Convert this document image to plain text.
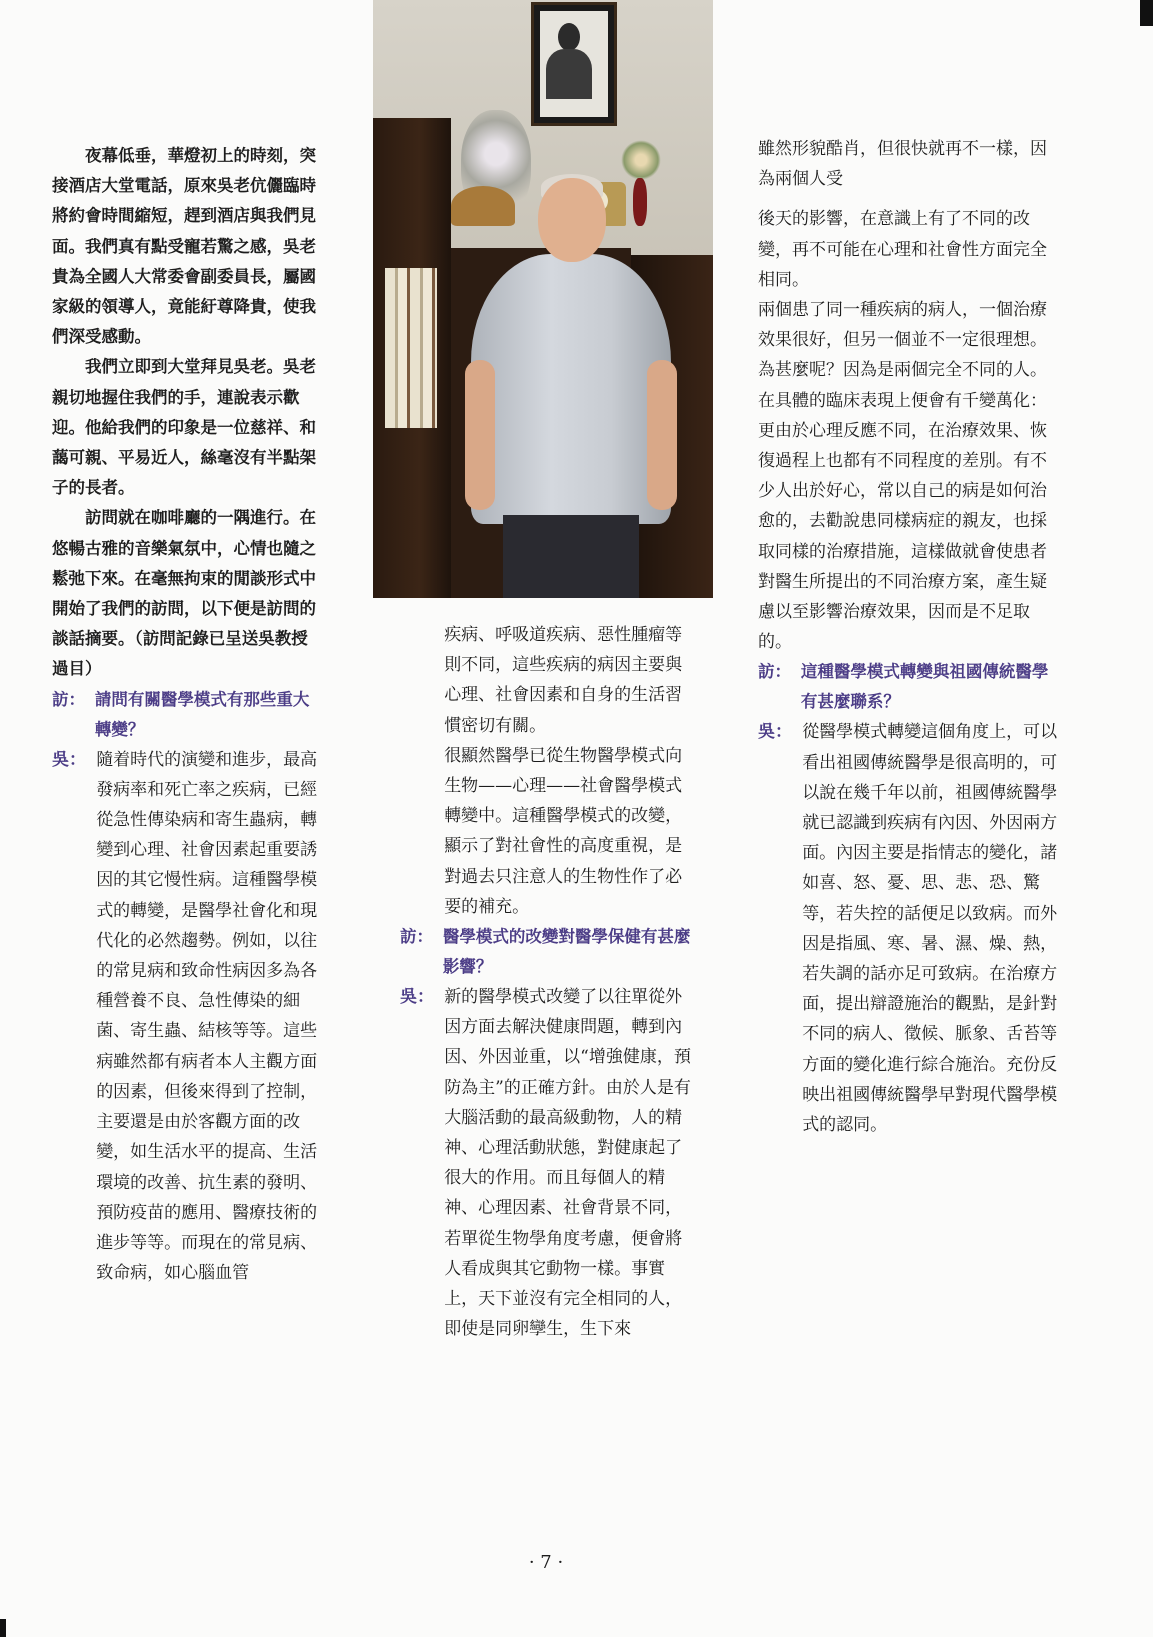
夜幕低垂，華燈初上的時刻，突接酒店大堂電話，原來吳老伉儷臨時將約會時間縮短，趕到酒店與我們見面。我們真有點受寵若驚之感，吳老貴為全國人大常委會副委員長，屬國家級的領導人，竟能紆尊降貴，使我們深受感動。

我們立即到大堂拜見吳老。吳老親切地握住我們的手，連說表示歡迎。他給我們的印象是一位慈祥、和藹可親、平易近人，絲毫沒有半點架子的長者。

訪問就在咖啡廳的一隅進行。在悠暢古雅的音樂氣氛中，心情也隨之鬆弛下來。在毫無拘束的閒談形式中開始了我們的訪問，以下便是訪問的談話摘要。（訪問記錄已呈送吳教授過目）

訪： 請問有關醫學模式有那些重大轉變？

吳： 隨着時代的演變和進步，最高發病率和死亡率之疾病，已經從急性傳染病和寄生蟲病，轉變到心理、社會因素起重要誘因的其它慢性病。這種醫學模式的轉變，是醫學社會化和現代化的必然趨勢。例如，以往的常見病和致命性病因多為各種營養不良、急性傳染的細菌、寄生蟲、結核等等。這些病雖然都有病者本人主觀方面的因素，但後來得到了控制，主要還是由於客觀方面的改變，如生活水平的提高、生活環境的改善、抗生素的發明、預防疫苗的應用、醫療技術的進步等等。而現在的常見病、致命病，如心腦血管

疾病、呼吸道疾病、惡性腫瘤等則不同，這些疾病的病因主要與心理、社會因素和自身的生活習慣密切有關。

很顯然醫學已從生物醫學模式向生物——心理——社會醫學模式轉變中。這種醫學模式的改變，顯示了對社會性的高度重視，是對過去只注意人的生物性作了必要的補充。

訪： 醫學模式的改變對醫學保健有甚麼影響？

吳： 新的醫學模式改變了以往單從外因方面去解決健康問題，轉到內因、外因並重，以“增強健康，預防為主”的正確方針。由於人是有大腦活動的最高級動物，人的精神、心理活動狀態，對健康起了很大的作用。而且每個人的精神、心理因素、社會背景不同，若單從生物學角度考慮，便會將人看成與其它動物一樣。事實上，天下並沒有完全相同的人，即使是同卵孿生，生下來

雖然形貌酷肖，但很快就再不一樣，因為兩個人受

後天的影響，在意識上有了不同的改變，再不可能在心理和社會性方面完全相同。

兩個患了同一種疾病的病人，一個治療效果很好，但另一個並不一定很理想。為甚麼呢？因為是兩個完全不同的人。在具體的臨床表現上便會有千變萬化：更由於心理反應不同，在治療效果、恢復過程上也都有不同程度的差別。有不少人出於好心，常以自己的病是如何治愈的，去勸說患同樣病症的親友，也採取同樣的治療措施，這樣做就會使患者對醫生所提出的不同治療方案，產生疑慮以至影響治療效果，因而是不足取的。

訪： 這種醫學模式轉變與祖國傳統醫學有甚麼聯系？

吳： 從醫學模式轉變這個角度上，可以看出祖國傳統醫學是很高明的，可以說在幾千年以前，祖國傳統醫學就已認識到疾病有內因、外因兩方面。內因主要是指情志的變化，諸如喜、怒、憂、思、悲、恐、驚等，若失控的話便足以致病。而外因是指風、寒、暑、濕、燥、熱，若失調的話亦足可致病。在治療方面，提出辯證施治的觀點，是針對不同的病人、徵候、脈象、舌苔等方面的變化進行綜合施治。充份反映出祖國傳統醫學早對現代醫學模式的認同。

· 7 ·
